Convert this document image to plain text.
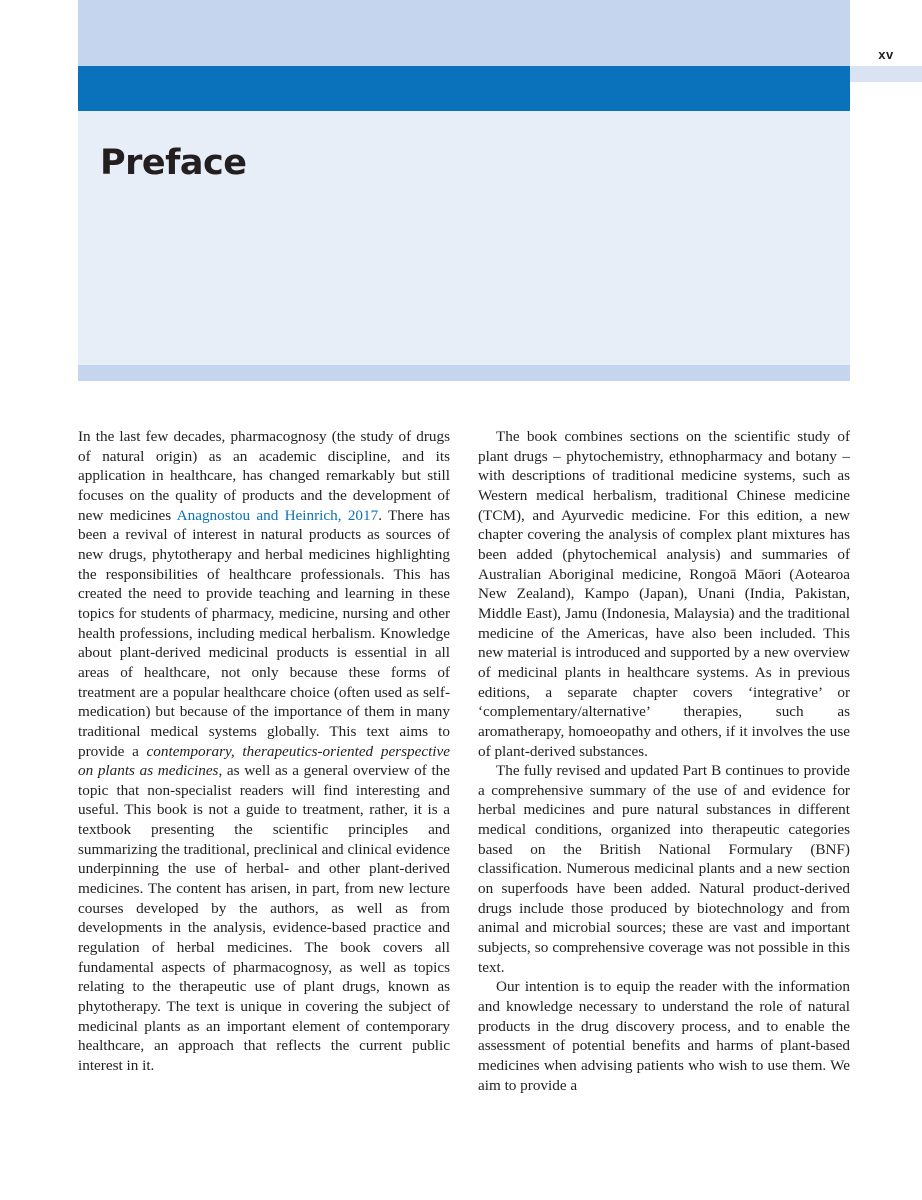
xv
Preface

In the last few decades, pharmacognosy (the study of drugs of natural origin) as an academic discipline, and its application in healthcare, has changed remarkably but still focuses on the quality of products and the development of new medicines Anagnostou and Heinrich, 2017. There has been a revival of interest in natural products as sources of new drugs, phytotherapy and herbal medicines highlighting the responsibilities of healthcare professionals. This has created the need to provide teaching and learning in these topics for students of pharmacy, medicine, nursing and other health professions, including medical herbalism. Knowledge about plant-derived medicinal products is essential in all areas of healthcare, not only because these forms of treatment are a popular healthcare choice (often used as self-medication) but because of the importance of them in many traditional medical systems globally. This text aims to provide a contemporary, therapeutics-oriented perspective on plants as medicines, as well as a general overview of the topic that non-specialist readers will find interesting and useful. This book is not a guide to treatment, rather, it is a textbook presenting the scientific principles and summarizing the traditional, preclinical and clinical evidence underpinning the use of herbal- and other plant-derived medicines. The content has arisen, in part, from new lecture courses developed by the authors, as well as from developments in the analysis, evidence-based practice and regulation of herbal medicines. The book covers all fundamental aspects of pharmacognosy, as well as topics relating to the therapeutic use of plant drugs, known as phytotherapy. The text is unique in covering the subject of medicinal plants as an important element of contemporary healthcare, an approach that reflects the current public interest in it.

The book combines sections on the scientific study of plant drugs – phytochemistry, ethnopharmacy and botany – with descriptions of traditional medicine systems, such as Western medical herbalism, traditional Chinese medicine (TCM), and Ayurvedic medicine. For this edition, a new chapter covering the analysis of complex plant mixtures has been added (phytochemical analysis) and summaries of Australian Aboriginal medicine, Rongoā Māori (Aotearoa New Zealand), Kampo (Japan), Unani (India, Pakistan, Middle East), Jamu (Indonesia, Malaysia) and the traditional medicine of the Americas, have also been included. This new material is introduced and supported by a new overview of medicinal plants in healthcare systems. As in previous editions, a separate chapter covers ‘integrative’ or ‘complementary/alternative’ therapies, such as aromatherapy, homoeopathy and others, if it involves the use of plant-derived substances.

The fully revised and updated Part B continues to provide a comprehensive summary of the use of and evidence for herbal medicines and pure natural substances in different medical conditions, organized into therapeutic categories based on the British National Formulary (BNF) classification. Numerous medicinal plants and a new section on superfoods have been added. Natural product-derived drugs include those produced by biotechnology and from animal and microbial sources; these are vast and important subjects, so comprehensive coverage was not possible in this text.

Our intention is to equip the reader with the information and knowledge necessary to understand the role of natural products in the drug discovery process, and to enable the assessment of potential benefits and harms of plant-based medicines when advising patients who wish to use them. We aim to provide a
